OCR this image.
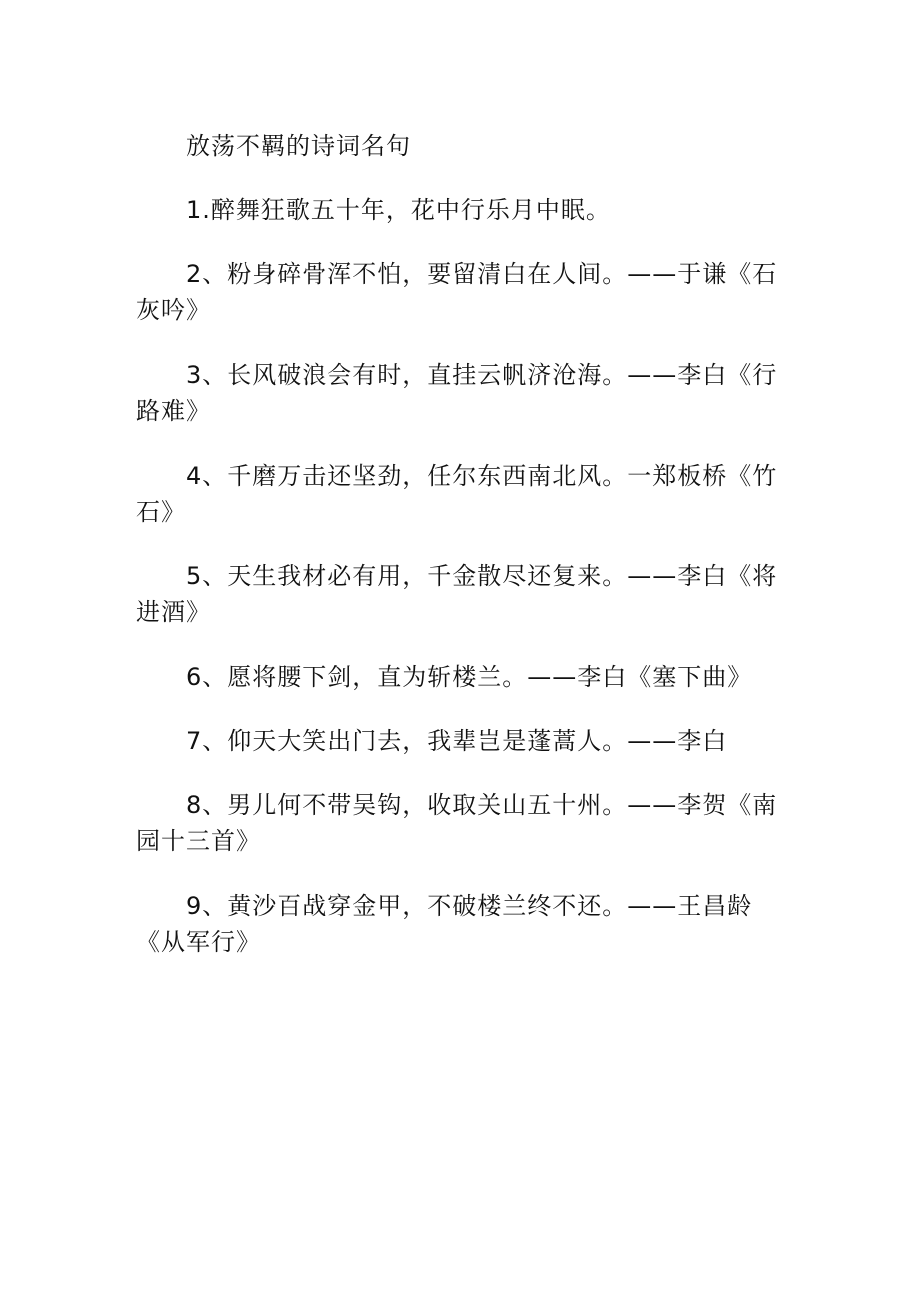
放荡不羁的诗词名句
1.醉舞狂歌五十年，花中行乐月中眠。
2、粉身碎骨浑不怕，要留清白在人间。——于谦《石灰吟》
3、长风破浪会有时，直挂云帆济沧海。——李白《行路难》
4、千磨万击还坚劲，任尔东西南北风。一郑板桥《竹石》
5、天生我材必有用，千金散尽还复来。——李白《将进酒》
6、愿将腰下剑，直为斩楼兰。——李白《塞下曲》
7、仰天大笑出门去，我辈岂是蓬蒿人。——李白
8、男儿何不带吴钩，收取关山五十州。——李贺《南园十三首》
9、黄沙百战穿金甲，不破楼兰终不还。——王昌龄《从军行》
